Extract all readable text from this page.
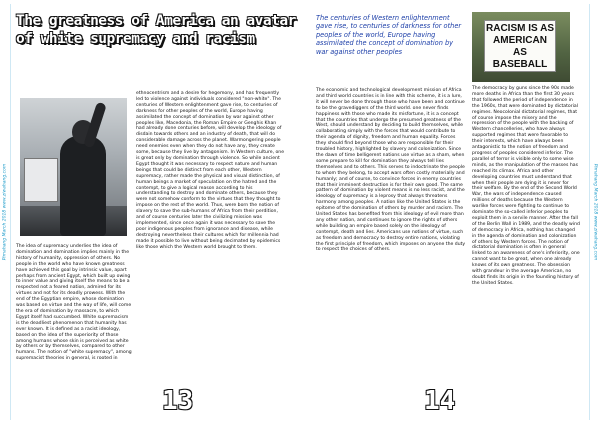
Pimahang March 2018 www.ziwahang.com
The greatness of America an avatar of white supremacy and racism
The idea of supremacy underlies the idea of domination and domination implies mainly in the history of humanity, oppression of others. No people in the world who have known greatness have achieved this goal by intrinsic value, apart perhaps from ancient Egypt, which built up owing to inner value and giving itself the means to be a respected not a feared nation, admired for its virtues and not for its deadly prowess. With the end of the Egyptian empire, whose domination was based on virtue and the way of life, will come the era of domination by massacre, to which Egypt itself had succumbed. White supremacism is the deadliest phenomenon that humanity has ever known. It is defined as a racist ideology, based on the idea of the superiority of those among humans whose skin is perceived as white by others or by themselves, compared to other humans. The notion of "white supremacy", among supremacist theories in general, is rooted in
ethnocentrism and a desire for hegemony, and has frequently led to violence against individuals considered "non-white". The centuries of Western enlightenment gave rise, to centuries of darkness for other peoples of the world, Europe having assimilated the concept of domination by war against other peoples like, Macedonia, the Roman Empire or Genghis Khan had already done centuries before, will develop the ideology of disdain towards others and an industry of death, that will do considerable damage across the planet. Warmongering people need enemies even when they do not have any, they create some, because they live by antagonism. In Western culture, one is great only by domination through violence. So while ancient Egypt thought it was necessary to respect nature and human beings that could be distinct from each other, Western supremacy, rather made the physical and visual distinction, of human beings a market of speculation on the hatred and the contempt, to give a logical reason according to his understanding to destroy and dominate others, because they were not somehow conform to the virtues that they thought to impose on the rest of the world. Thus, were born the notion of slavery to save the sub-humans of Africa from their perdition, and of course centuries later the civilizing mission was implemented, since once again it was necessary to save the poor indigenous peoples from ignorance and disease, while destroying nevertheless their cultures which for millennia had made it possible to live without being decimated by epidemics like those which the Western world brought to them.
13
Pimahang March 2018 www.ziwahang.com
The centuries of Western enlightenment gave rise, to centuries of darkness for other peoples of the world, Europe having assimilated the concept of domination by war against other peoples
RACISM IS AS AMERICAN AS BASEBALL
The economic and technological development mission of Africa and third world countries is in line with this scheme, it is a lure, it will never be done through those who have been and continue to be the gravediggers of the third world. one never finds happiness with those who made its misfortune, it is a concept that the countries that undergo the presumed greatness of the West, should understand by deciding to build themselves, while collaborating simply with the forces that would contribute to their agenda of dignity, freedom and human equality. Forces they should find beyond those who are responsible for their troubled history, highlighted by slavery and colonization. Since the dawn of time belligerent nations use virtue as a sham, when some prepare to kill for domination they always tell lies themselves and to others. This serves to indoctrinate the people to whom they belong, to accept wars often costly materially and humanly; and of course, to convince forces in enemy countries that their imminent destruction is for their own good. The same pattern of domination by violent means is no less racist, and the ideology of supremacy is a leprosy that always threatens harmony among peoples. A nation like the United States is the epitome of the domination of others by murder and racism. The United States has benefited from this ideology of evil more than any other nation, and continues to ignore the rights of others while building an empire based solely on the ideology of contempt, death and lies. Americans use notions of virtue, such as freedom and democracy to destroy entire nations, violating the first principle of freedom, which imposes on anyone the duty to respect the choices of others.
The democracy by guns since the 90s made more deaths in Africa than the first 30 years that followed the period of independence in the 1960s, that were dominated by dictatorial regimes. Neocolonial dictatorial regimes, that of course impose the misery and the repression of the people with the backing of Western chancelleries, who have always supported regimes that were favorable to their interests, which have always been antagonistic to the notion of freedom and progress of peoples considered inferior. The parallel of terror is visible only to some wise minds, as the manipulation of the masses has reached its climax. Africa and other developing countries must understand that when their people are dying it is never for their welfare. By the end of the Second World War, the wars of independence caused millions of deaths because the Western warlike forces were fighting to continue to dominate the so-called inferior peoples to exploit them in a servile manner. After the fall of the Berlin Wall in 1989, and the deadly wind of democracy in Africa, nothing has changed in the agenda of domination and colonization of others by Western forces. The notion of dictatorial domination is often in general linked to an awareness of one's inferiority, one cannot want to be great, when one already knows of its own greatness. The obsession with grandeur in the average American, no doubt finds its origin in the founding history of the United States.
14
